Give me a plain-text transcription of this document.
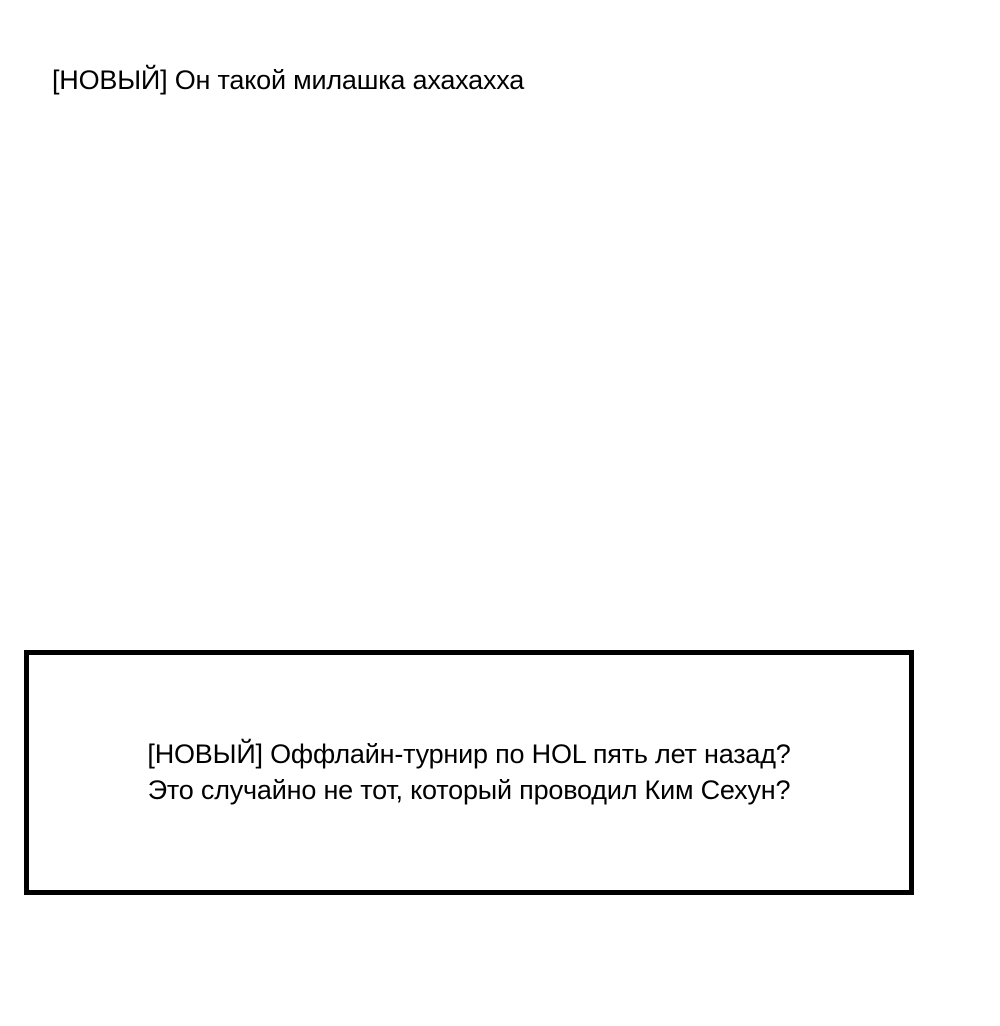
[НОВЫЙ] Он такой милашка ахахахха
[НОВЫЙ] Оффлайн-турнир по HOL пять лет назад?
Это случайно не тот, который проводил Ким Сехун?
